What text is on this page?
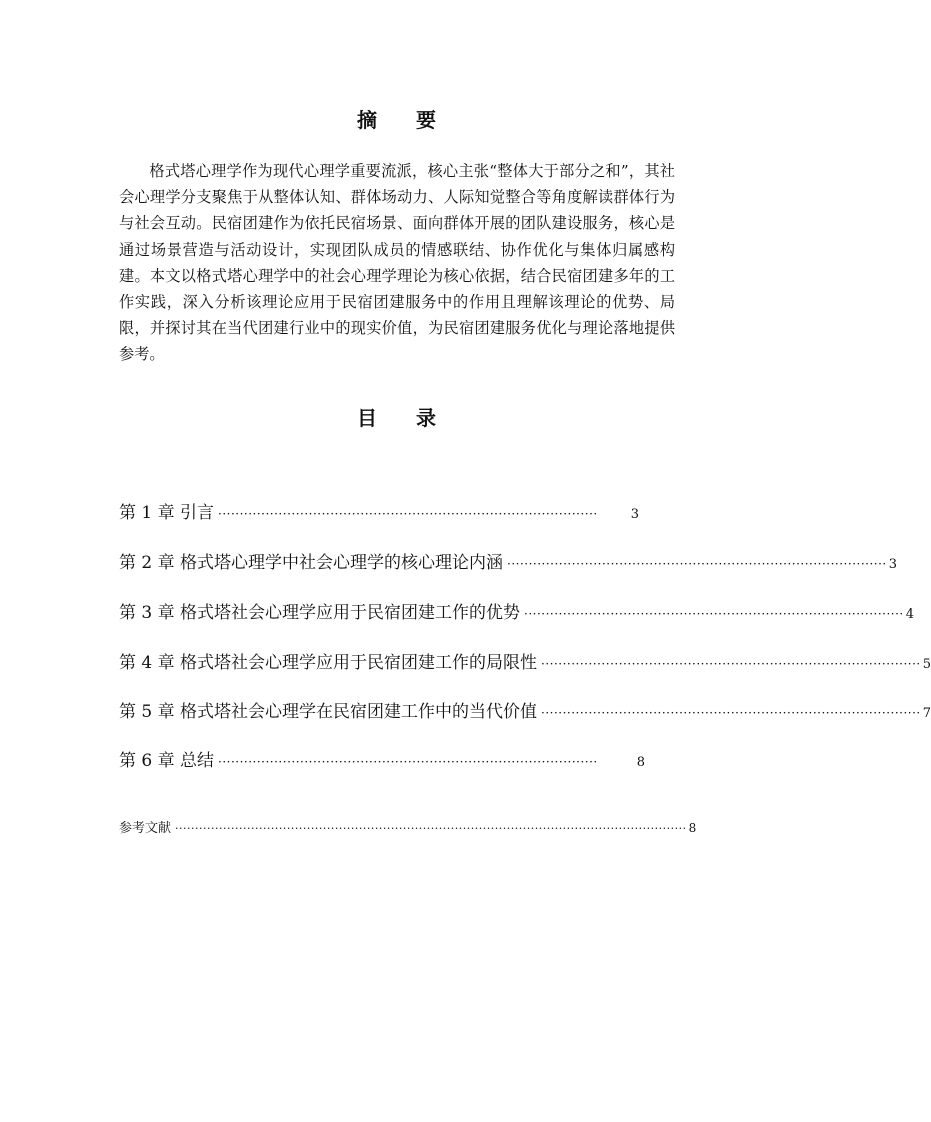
摘 要

格式塔心理学作为现代心理学重要流派，核心主张“整体大于部分之和”，其社会心理学分支聚焦于从整体认知、群体场动力、人际知觉整合等角度解读群体行为与社会互动。民宿团建作为依托民宿场景、面向群体开展的团队建设服务，核心是通过场景营造与活动设计，实现团队成员的情感联结、协作优化与集体归属感构建。本文以格式塔心理学中的社会心理学理论为核心依据，结合民宿团建多年的工作实践，深入分析该理论应用于民宿团建服务中的作用且理解该理论的优势、局限，并探讨其在当代团建行业中的现实价值，为民宿团建服务优化与理论落地提供参考。

目 录
第 1 章 引言 ························································································	3
第 2 章 格式塔心理学中社会心理学的核心理论内涵 ························································································ 3
第 3 章 格式塔社会心理学应用于民宿团建工作的优势 ························································································ 4
第 4 章 格式塔社会心理学应用于民宿团建工作的局限性 ························································································ 5
第 5 章 格式塔社会心理学在民宿团建工作中的当代价值 ························································································ 7
第 6 章 总结 ························································································	8
参考文献 ································································································································ 8
